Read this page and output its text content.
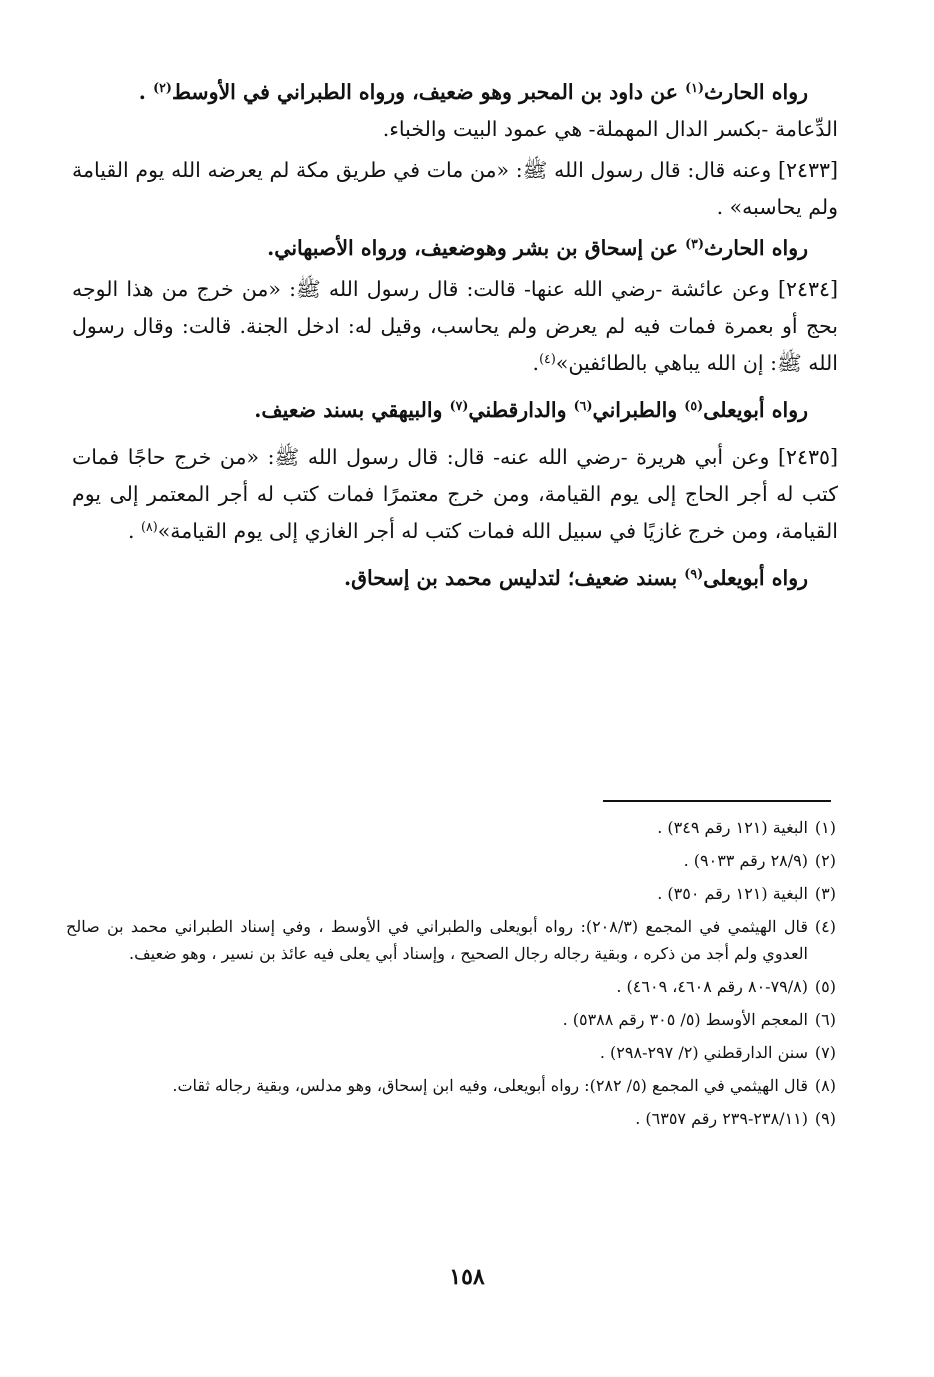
رواه الحارث$^{(١)}$ عن داود بن المحبر وهو ضعيف، ورواه الطبراني في الأوسط$^{(٢)}$ .

الدِّعامة -بكسر الدال المهملة- هي عمود البيت والخباء.

[٢٤٣٣] وعنه قال: قال رسول الله ﷺ: «من مات في طريق مكة لم يعرضه الله يوم القيامة ولم يحاسبه» .

رواه الحارث$^{(٣)}$ عن إسحاق بن بشر وهوضعيف، ورواه الأصبهاني.

[٢٤٣٤] وعن عائشة -رضي الله عنها- قالت: قال رسول الله ﷺ: «من خرج من هذا الوجه بحج أو بعمرة فمات فيه لم يعرض ولم يحاسب، وقيل له: ادخل الجنة. قالت: وقال رسول الله ﷺ: إن الله يباهي بالطائفين»$^{(٤)}$.

رواه أبويعلى$^{(٥)}$ والطبراني$^{(٦)}$ والدارقطني$^{(٧)}$ والبيهقي بسند ضعيف.

[٢٤٣٥] وعن أبي هريرة -رضي الله عنه- قال: قال رسول الله ﷺ: «من خرج حاجًا فمات كتب له أجر الحاج إلى يوم القيامة، ومن خرج معتمرًا فمات كتب له أجر المعتمر إلى يوم القيامة، ومن خرج غازيًا في سبيل الله فمات كتب له أجر الغازي إلى يوم القيامة»$^{(٨)}$ .

رواه أبويعلى$^{(٩)}$ بسند ضعيف؛ لتدليس محمد بن إسحاق.

(١)
البغية (١٢١ رقم ٣٤٩) .
(٢)
(٢٨/٩ رقم ٩٠٣٣) .
(٣)
البغية (١٢١ رقم ٣٥٠) .
(٤)
قال الهيثمي في المجمع (٢٠٨/٣): رواه أبويعلى والطبراني في الأوسط ، وفي إسناد الطبراني محمد بن صالح العدوي ولم أجد من ذكره ، وبقية رجاله رجال الصحيح ، وإسناد أبي يعلى فيه عائذ بن نسير ، وهو ضعيف.
(٥)
(٧٩/٨-٨٠ رقم ٤٦٠٨، ٤٦٠٩) .
(٦)
المعجم الأوسط (٥/ ٣٠٥ رقم ٥٣٨٨) .
(٧)
سنن الدارقطني (٢/ ٢٩٧-٢٩٨) .
(٨)
قال الهيثمي في المجمع (٥/ ٢٨٢): رواه أبويعلى، وفيه ابن إسحاق، وهو مدلس، وبقية رجاله ثقات.
(٩)
(٢٣٨/١١-٢٣٩ رقم ٦٣٥٧) .
١٥٨
